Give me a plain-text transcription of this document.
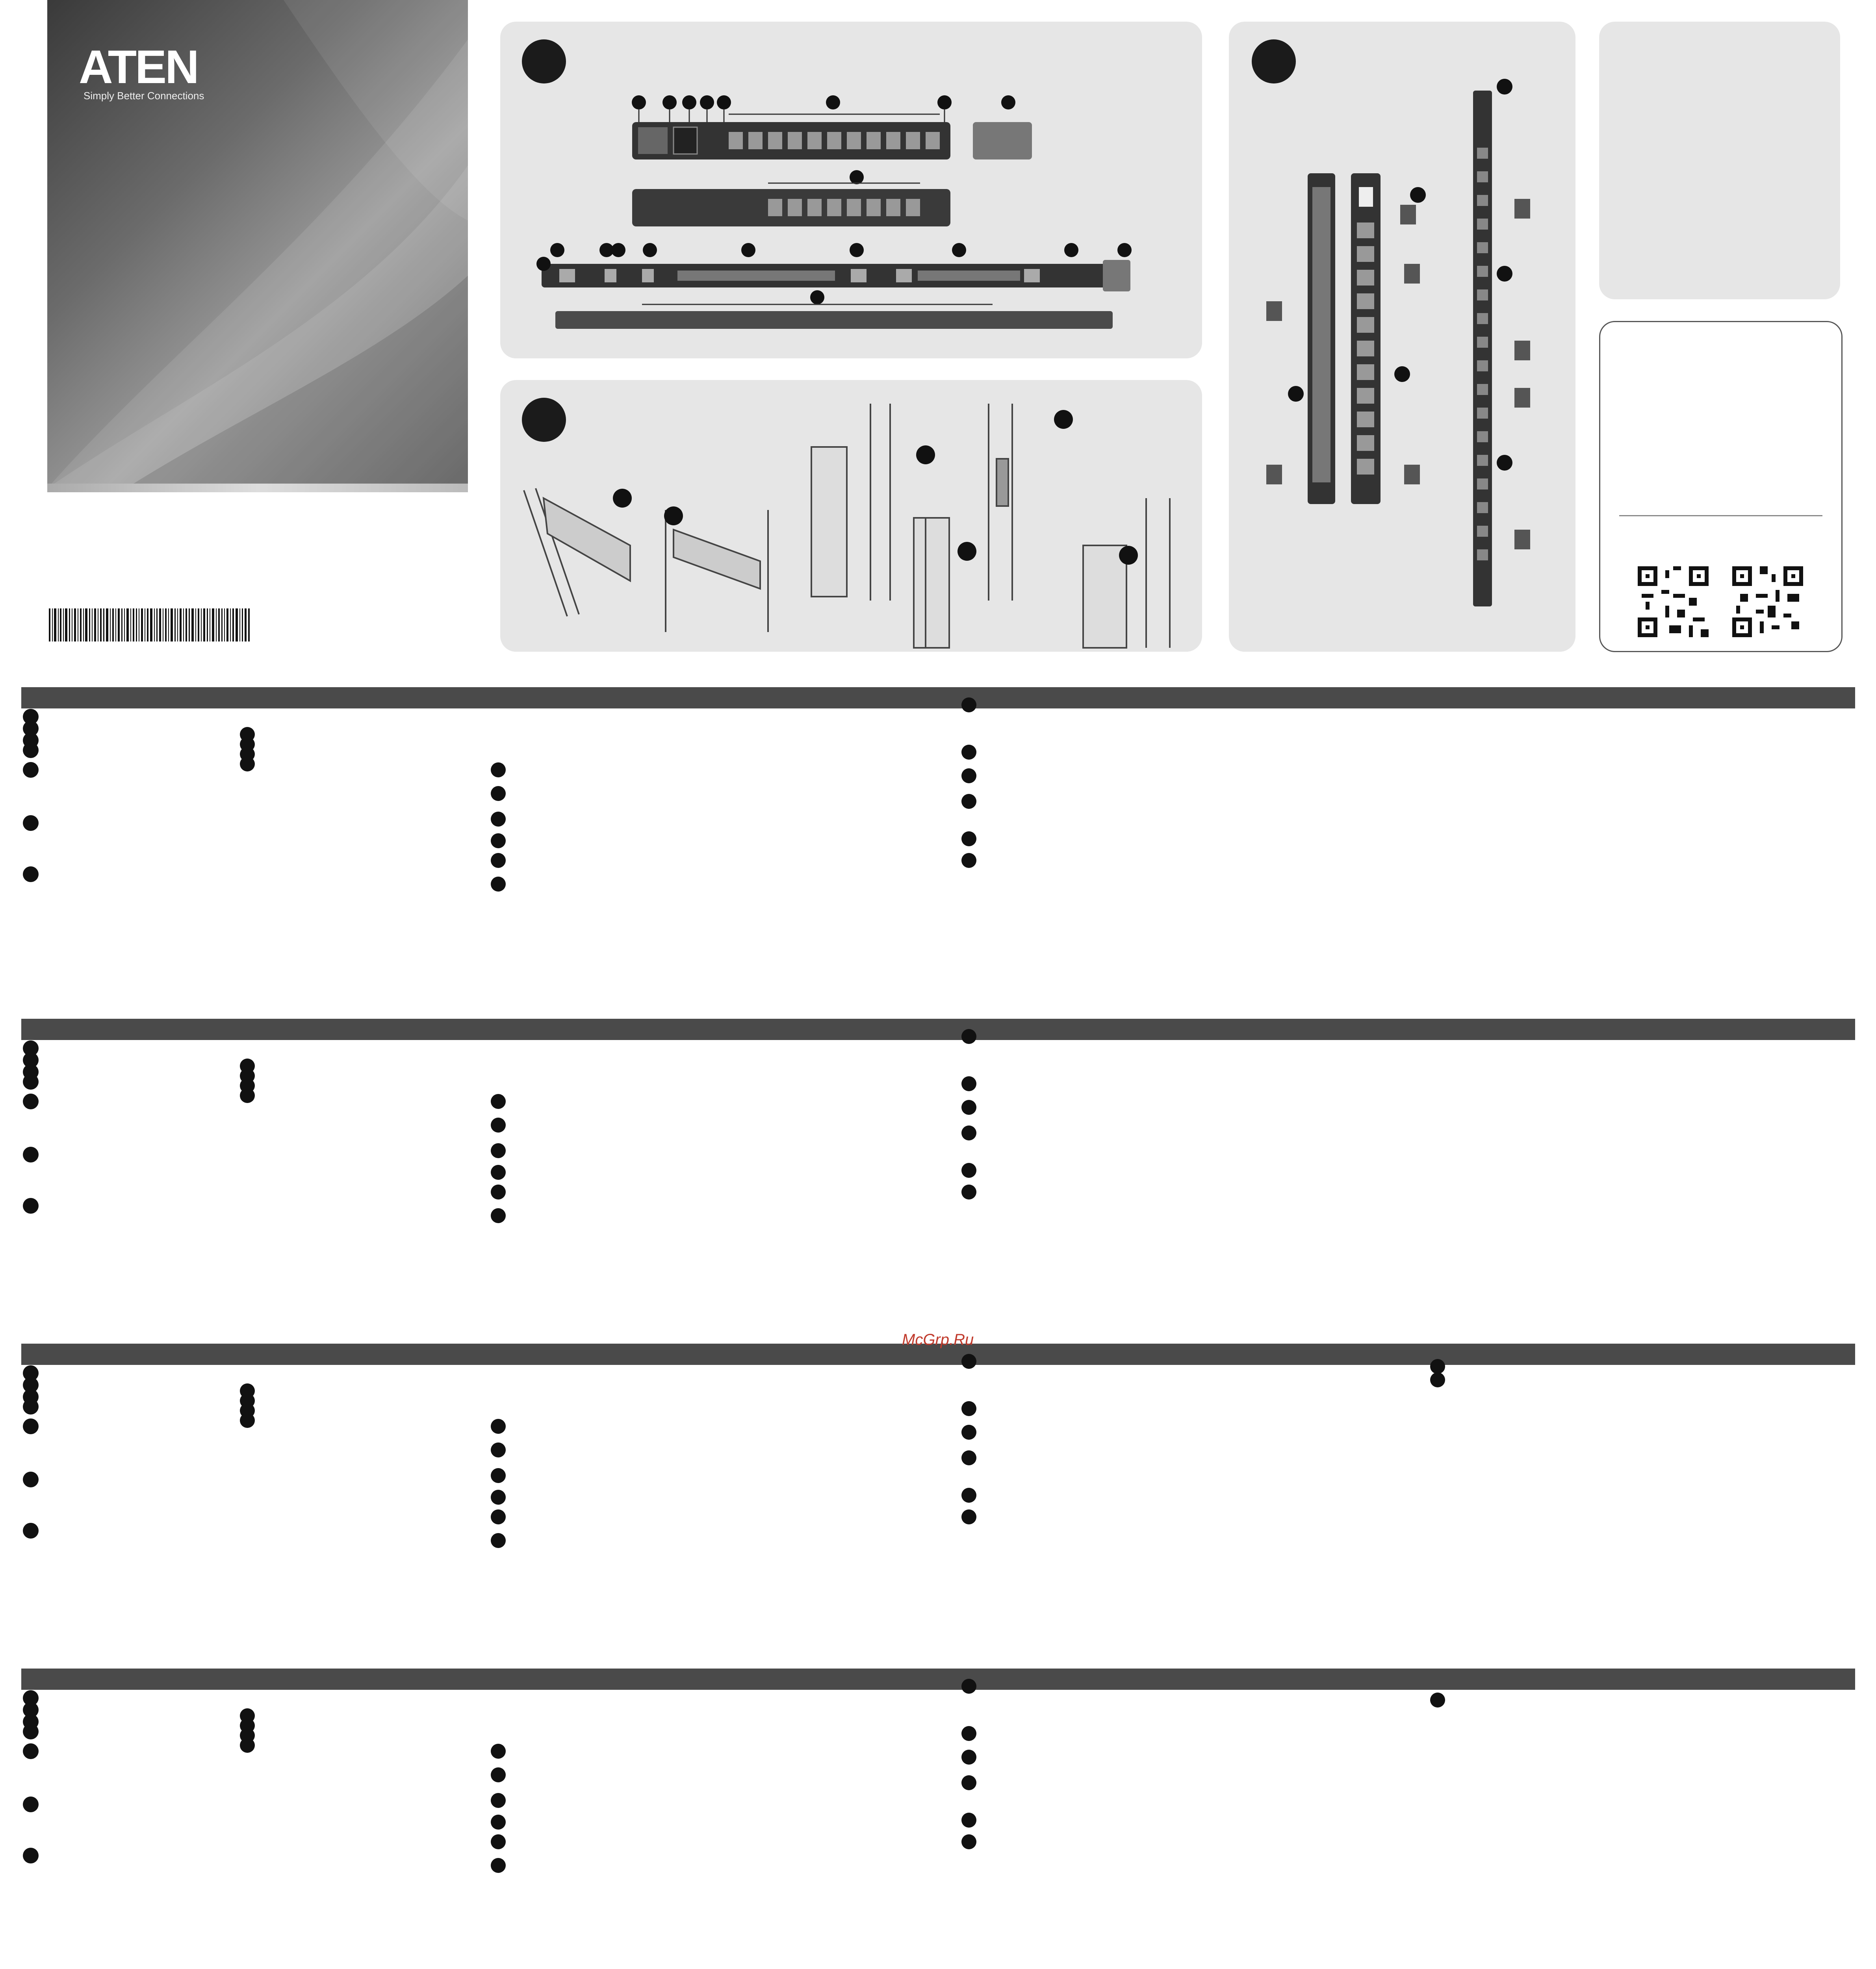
ATEN
Simply Better Connections
McGrp.Ru
